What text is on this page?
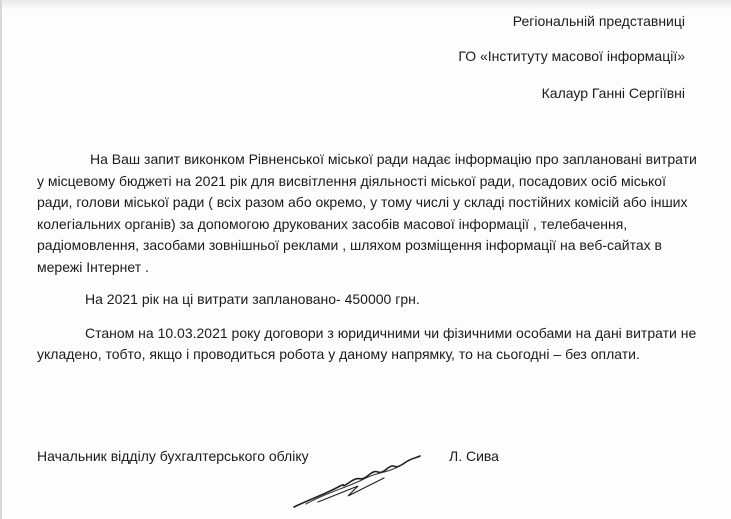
Регіональній представниці
ГО «Інституту масової інформації»
Калаур Ганні Сергіївні
На Ваш запит виконком Рівненської міської ради надає інформацію про заплановані витрати
у місцевому бюджеті на 2021 рік для висвітлення діяльності міської ради, посадових осіб міської
ради, голови міської ради ( всіх разом або окремо, у тому числі у складі постійних комісій або інших
колегіальних органів) за допомогою друкованих засобів масової інформації , телебачення,
радіомовлення, засобами зовнішньої реклами , шляхом розміщення інформації на веб-сайтах в
мережі Інтернет .
На 2021 рік на ці витрати заплановано- 450000 грн.
Станом на 10.03.2021 року договори з юридичними чи фізичними особами на дані витрати не
укладено, тобто, якщо і проводиться робота у даному напрямку, то на сьогодні – без оплати.
Начальник відділу бухгалтерського обліку	Л. Сива
